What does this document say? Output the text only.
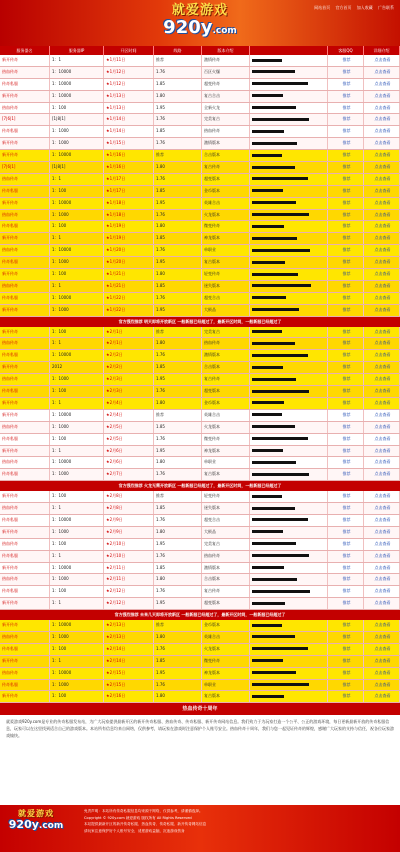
网站首页 官方首页 加入收藏 广告联系
就爱游戏
920y.com
服务器名	服务器IP	开区时间	线路	版本介绍	客服QQ	详细介绍
新开传奇	1：1	★1月11日	推荐	激情传奇	推荐	点击查看
热血传奇	1：10000	★1月12日	1.76	百区火爆	推荐	点击查看
传奇私服	1：10000	★1月12日	1.85	超变传奇	推荐	点击查看
新开传奇	1：10000	★1月13日	1.80	复古合击	推荐	点击查看
热血传奇	1：100	★1月13日	1.95	全新火龙	推荐	点击查看
[7|6|1]	[1|8|1]	★1月14日	1.76	完美复古	推荐	点击查看
传奇私服	1：1000	★1月14日	1.85	热血传奇	推荐	点击查看
新开传奇	1：1000	★1月15日	1.76	激情版本	推荐	点击查看
新开传奇	1：10000	★1月16日	推荐	合击版本	推荐	点击查看
[7|6|1]	[1|8|1]	★1月16日	1.80	复古传奇	推荐	点击查看
热血传奇	1：1	★1月17日	1.76	超变版本	推荐	点击查看
传奇私服	1：100	★1月17日	1.85	金币版本	推荐	点击查看
新开传奇	1：10000	★1月18日	1.95	英雄合击	推荐	点击查看
热血传奇	1：1000	★1月18日	1.76	火龙版本	推荐	点击查看
传奇私服	1：100	★1月19日	1.80	微变传奇	推荐	点击查看
新开传奇	1：1	★1月19日	1.85	神龙版本	推荐	点击查看
热血传奇	1：10000	★1月20日	1.76	单职业	推荐	点击查看
传奇私服	1：1000	★1月20日	1.95	复古版本	推荐	点击查看
新开传奇	1：100	★1月21日	1.80	轻变传奇	推荐	点击查看
热血传奇	1：1	★1月21日	1.85	迷失版本	推荐	点击查看
传奇私服	1：10000	★1月22日	1.76	超变合击	推荐	点击查看
新开传奇	1：1000	★1月22日	1.95	大极品	推荐	点击查看
官方强烈推荐 明天即将开放新区 一般新服已经超过了，最新开区时间，一般新服已经超过了
新开传奇	1：100	★2月1日	推荐	完美复古	推荐	点击查看
热血传奇	1：1	★2月1日	1.80	热血传奇	推荐	点击查看
传奇私服	1：10000	★2月2日	1.76	激情版本	推荐	点击查看
新开传奇	2012	★2月2日	1.85	合击版本	推荐	点击查看
热血传奇	1：1000	★2月3日	1.95	复古传奇	推荐	点击查看
传奇私服	1：100	★2月3日	1.76	超变版本	推荐	点击查看
新开传奇	1：1	★2月4日	1.80	金币版本	推荐	点击查看
新开传奇	1：10000	★2月4日	推荐	英雄合击	推荐	点击查看
热血传奇	1：1000	★2月5日	1.85	火龙版本	推荐	点击查看
传奇私服	1：100	★2月5日	1.76	微变传奇	推荐	点击查看
新开传奇	1：1	★2月6日	1.95	神龙版本	推荐	点击查看
热血传奇	1：10000	★2月6日	1.80	单职业	推荐	点击查看
传奇私服	1：1000	★2月7日	1.76	复古版本	推荐	点击查看
官方强烈推荐 火龙无需开放新区 一般新服已经超过了，最新开区时间，一般新服已经超过了
新开传奇	1：100	★2月8日	推荐	轻变传奇	推荐	点击查看
热血传奇	1：1	★2月8日	1.85	迷失版本	推荐	点击查看
传奇私服	1：10000	★2月9日	1.76	超变合击	推荐	点击查看
新开传奇	1：1000	★2月9日	1.80	大极品	推荐	点击查看
热血传奇	1：100	★2月10日	1.95	完美复古	推荐	点击查看
传奇私服	1：1	★2月10日	1.76	热血传奇	推荐	点击查看
新开传奇	1：10000	★2月11日	1.85	激情版本	推荐	点击查看
热血传奇	1：1000	★2月11日	1.80	合击版本	推荐	点击查看
传奇私服	1：100	★2月12日	1.76	复古传奇	推荐	点击查看
新开传奇	1：1	★2月12日	1.95	超变版本	推荐	点击查看
官方强烈推荐 未来几天即将开放新区 一般新服已经超过了，最新开区时间，一般新服已经超过了
新开传奇	1：10000	★2月13日	推荐	金币版本	推荐	点击查看
热血传奇	1：1000	★2月13日	1.80	英雄合击	推荐	点击查看
传奇私服	1：100	★2月14日	1.76	火龙版本	推荐	点击查看
新开传奇	1：1	★2月14日	1.85	微变传奇	推荐	点击查看
热血传奇	1：10000	★2月15日	1.95	神龙版本	推荐	点击查看
传奇私服	1：1000	★2月15日	1.76	单职业	推荐	点击查看
新开传奇	1：100	★2月16日	1.80	复古版本	推荐	点击查看
热血传奇十周年
就爱游戏920y.com是专业的传奇私服发布站，为广大玩家提供最新开区的新开传奇私服、热血传奇、传奇私服、新开传奇网站信息。我们致力于为玩家打造一个公平、公正的游戏环境，每日更新最新开放的传奇私服信息，玩家可以在这里找到适合自己的游戏版本。本站所有信息均来自网络，仅供参考，请玩家在游戏时注意保护个人账号安全。热血传奇十周年，我们与您一起见证传奇的辉煌，感谢广大玩家的支持与信任，祝各位玩家游戏愉快。
就爱游戏
920y.com
免责声明：本站所有传奇私服信息均来源于网络，仅供参考，请谨慎选择。
Copyright © 920y.com 就爱游戏 版权所有 All Rights Reserved
本站提供最新开区的新开传奇私服、热血传奇、传奇私服、新开传奇网站信息
请玩家注意保护好个人账号安全，适度游戏益脑，沉迷游戏伤身
